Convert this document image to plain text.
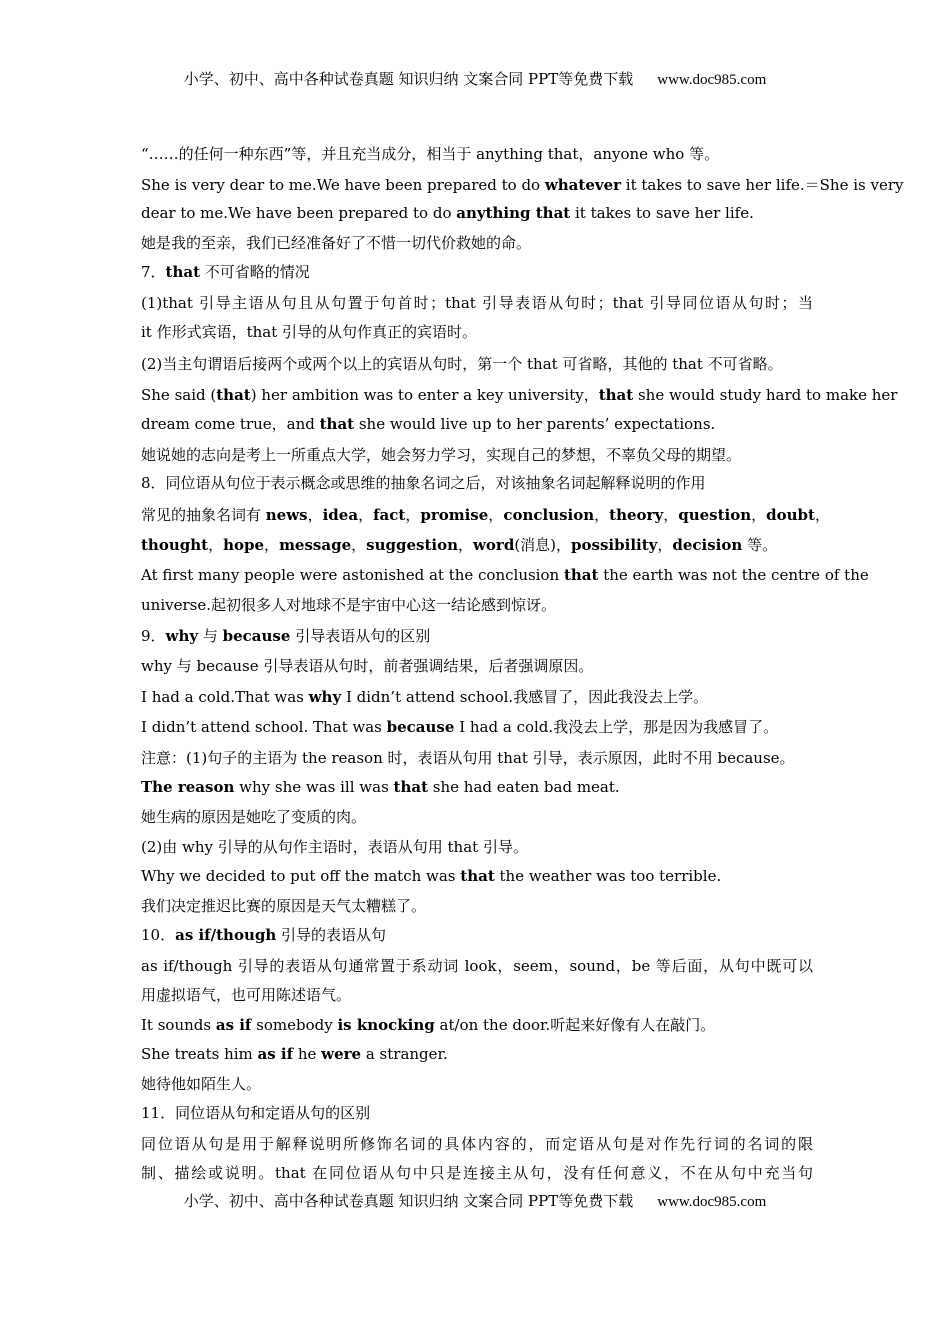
小学、初中、高中各种试卷真题 知识归纳 文案合同 PPT等免费下载 www.doc985.com
“……的任何一种东西”等，并且充当成分，相当于 anything that，anyone who 等。
She is very dear to me.We have been prepared to do whatever it takes to save her life.＝She is very
dear to me.We have been prepared to do anything that it takes to save her life.
她是我的至亲，我们已经准备好了不惜一切代价救她的命。
7．that 不可省略的情况
(1)that 引导主语从句且从句置于句首时；that 引导表语从句时；that 引导同位语从句时；当
it 作形式宾语，that 引导的从句作真正的宾语时。
(2)当主句谓语后接两个或两个以上的宾语从句时，第一个 that 可省略，其他的 that 不可省略。
She said (that) her ambition was to enter a key university，that she would study hard to make her
dream come true，and that she would live up to her parents’ expectations.
她说她的志向是考上一所重点大学，她会努力学习，实现自己的梦想，不辜负父母的期望。
8．同位语从句位于表示概念或思维的抽象名词之后，对该抽象名词起解释说明的作用
常见的抽象名词有 news，idea，fact，promise，conclusion，theory，question，doubt，
thought，hope，message，suggestion，word(消息)，possibility，decision 等。
At first many people were astonished at the conclusion that the earth was not the centre of the
universe.起初很多人对地球不是宇宙中心这一结论感到惊讶。
9．why 与 because 引导表语从句的区别
why 与 because 引导表语从句时，前者强调结果，后者强调原因。
I had a cold.That was why I didn’t attend school.我感冒了，因此我没去上学。
I didn’t attend school. That was because I had a cold.我没去上学，那是因为我感冒了。
注意：(1)句子的主语为 the reason 时，表语从句用 that 引导，表示原因，此时不用 because。
The reason why she was ill was that she had eaten bad meat.
她生病的原因是她吃了变质的肉。
(2)由 why 引导的从句作主语时，表语从句用 that 引导。
Why we decided to put off the match was that the weather was too terrible.
我们决定推迟比赛的原因是天气太糟糕了。
10．as if/though 引导的表语从句
as if/though 引导的表语从句通常置于系动词 look，seem，sound，be 等后面，从句中既可以
用虚拟语气，也可用陈述语气。
It sounds as if somebody is knocking at/on the door.听起来好像有人在敲门。
She treats him as if he were a stranger.
她待他如陌生人。
11．同位语从句和定语从句的区别
同位语从句是用于解释说明所修饰名词的具体内容的，而定语从句是对作先行词的名词的限
制、描绘或说明。that 在同位语从句中只是连接主从句，没有任何意义，不在从句中充当句
小学、初中、高中各种试卷真题 知识归纳 文案合同 PPT等免费下载 www.doc985.com
